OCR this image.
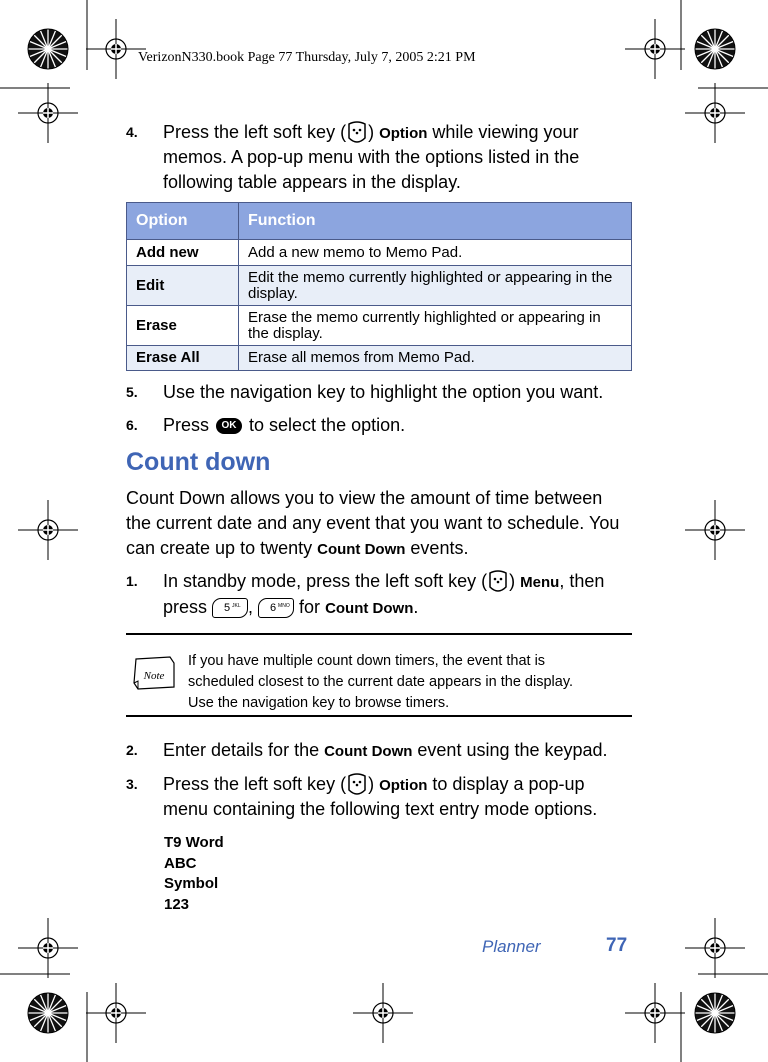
VerizonN330.book Page 77 Thursday, July 7, 2005 2:21 PM
4. Press the left soft key ( ) Option while viewing your
memos. A pop-up menu with the options listed in the
following table appears in the display.
Option	Function
Add new	Add a new memo to Memo Pad.
Edit	Edit the memo currently highlighted or appearing in the display.
Erase	Erase the memo currently highlighted or appearing in the display.
Erase All	Erase all memos from Memo Pad.
5. Use the navigation key to highlight the option you want.
6. Press OK to select the option.
Count down
Count Down allows you to view the amount of time between
the current date and any event that you want to schedule. You
can create up to twenty Count Down events.
1. In standby mode, press the left soft key ( ) Menu, then
press 5 JKL , 6 MNO for Count Down.
Note
If you have multiple count down timers, the event that is
scheduled closest to the current date appears in the display.
Use the navigation key to browse timers.
2. Enter details for the Count Down event using the keypad.
3. Press the left soft key ( ) Option to display a pop-up
menu containing the following text entry mode options.
T9 Word
ABC
Symbol
123
Planner	77
